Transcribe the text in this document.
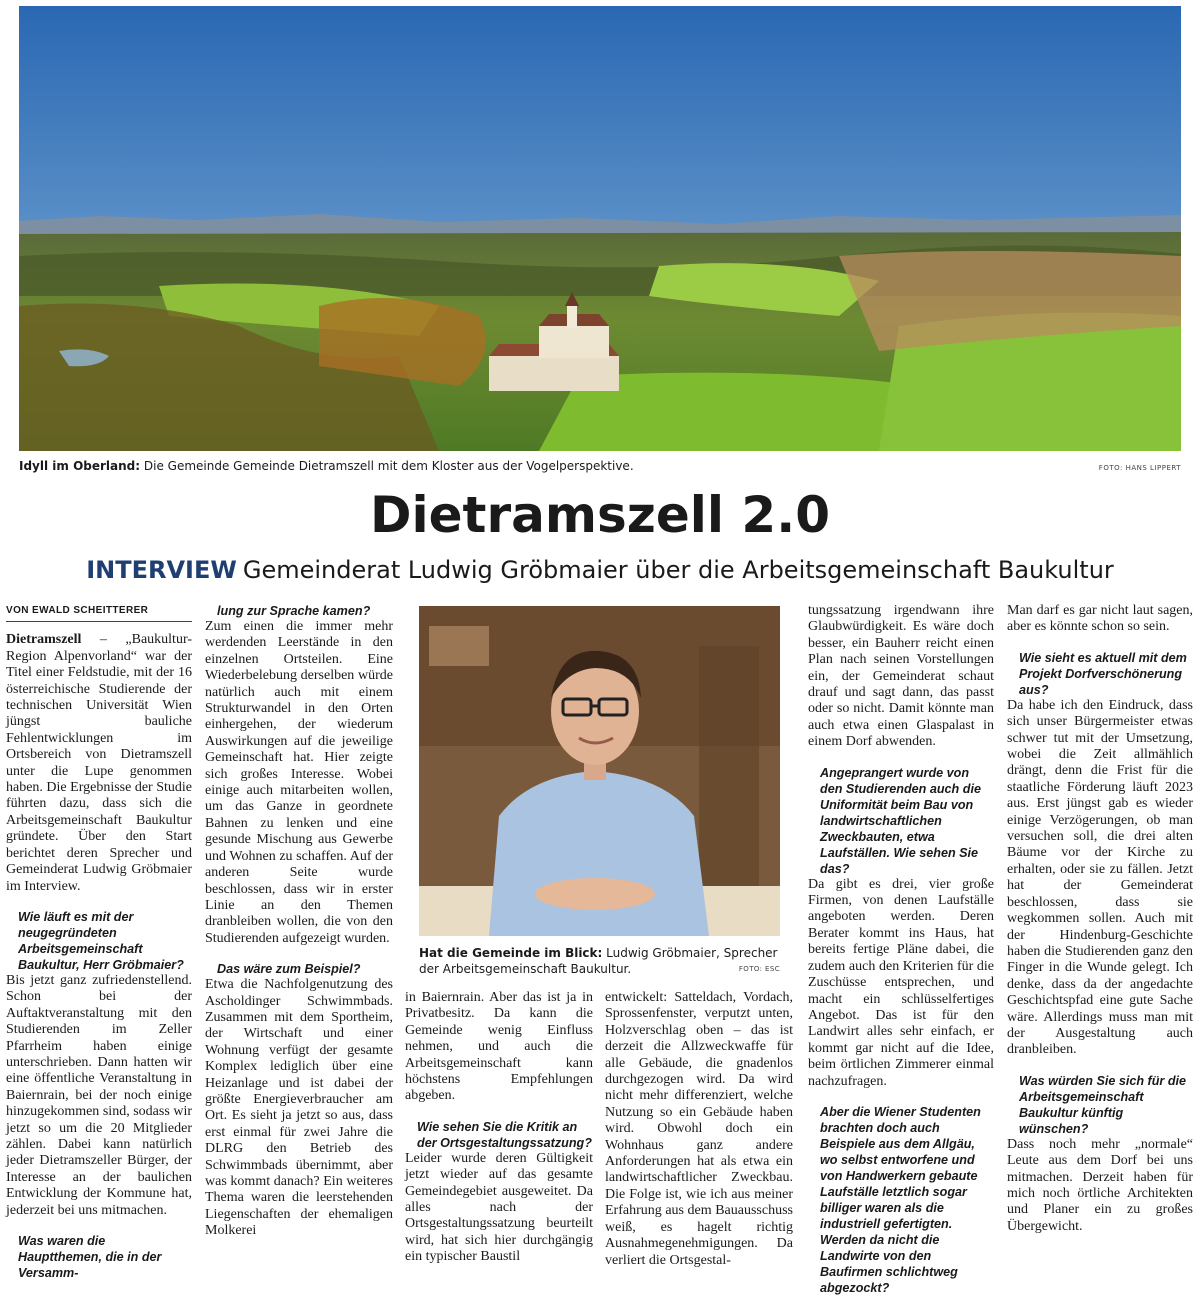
Idyll im Oberland: Die Gemeinde Gemeinde Dietramszell mit dem Kloster aus der Vogelperspektive.	FOTO: HANS LIPPERT
Dietramszell 2.0
INTERVIEW Gemeinderat Ludwig Gröbmaier über die Arbeitsgemeinschaft Baukultur
VON EWALD SCHEITTERER

Dietramszell – „Baukultur-Region Alpenvorland“ war der Titel einer Feldstudie, mit der 16 österreichische Studierende der technischen Universität Wien jüngst bauliche Fehlentwicklungen im Ortsbereich von Dietramszell unter die Lupe genommen haben. Die Ergebnisse der Studie führten dazu, dass sich die Arbeitsgemeinschaft Baukultur gründete. Über den Start berichtet deren Sprecher und Gemeinderat Ludwig Gröbmaier im Interview.

Wie läuft es mit der neugegründeten Arbeitsgemeinschaft Baukultur, Herr Gröbmaier?

Bis jetzt ganz zufriedenstellend. Schon bei der Auftaktveranstaltung mit den Studierenden im Zeller Pfarrheim haben einige unterschrieben. Dann hatten wir eine öffentliche Veranstaltung in Baiernrain, bei der noch einige hinzugekommen sind, sodass wir jetzt so um die 20 Mitglieder zählen. Dabei kann natürlich jeder Dietramszeller Bürger, der Interesse an der baulichen Entwicklung der Kommune hat, jederzeit bei uns mitmachen.

Was waren die Hauptthemen, die in der Versamm-

lung zur Sprache kamen?

Zum einen die immer mehr werdenden Leerstände in den einzelnen Ortsteilen. Eine Wiederbelebung derselben würde natürlich auch mit einem Strukturwandel in den Orten einhergehen, der wiederum Auswirkungen auf die jeweilige Gemeinschaft hat. Hier zeigte sich großes Interesse. Wobei einige auch mitarbeiten wollen, um das Ganze in geordnete Bahnen zu lenken und eine gesunde Mischung aus Gewerbe und Wohnen zu schaffen. Auf der anderen Seite wurde beschlossen, dass wir in erster Linie an den Themen dranbleiben wollen, die von den Studierenden aufgezeigt wurden.

Das wäre zum Beispiel?

Etwa die Nachfolgenutzung des Ascholdinger Schwimmbads. Zusammen mit dem Sportheim, der Wirtschaft und einer Wohnung verfügt der gesamte Komplex lediglich über eine Heizanlage und ist dabei der größte Energieverbraucher am Ort. Es sieht ja jetzt so aus, dass erst einmal für zwei Jahre die DLRG den Betrieb des Schwimmbads übernimmt, aber was kommt danach? Ein weiteres Thema waren die leerstehenden Liegenschaften der ehemaligen Molkerei

Hat die Gemeinde im Blick: Ludwig Gröbmaier, Sprecher der Arbeitsgemeinschaft Baukultur.	FOTO: ESC

in Baiernrain. Aber das ist ja in Privatbesitz. Da kann die Gemeinde wenig Einfluss nehmen, und auch die Arbeitsgemeinschaft kann höchstens Empfehlungen abgeben.

Wie sehen Sie die Kritik an der Ortsgestaltungssatzung?

Leider wurde deren Gültigkeit jetzt wieder auf das gesamte Gemeindegebiet ausgeweitet. Da alles nach der Ortsgestaltungssatzung beurteilt wird, hat sich hier durchgängig ein typischer Baustil

entwickelt: Satteldach, Vordach, Sprossenfenster, verputzt unten, Holzverschlag oben – das ist derzeit die Allzweckwaffe für alle Gebäude, die gnadenlos durchgezogen wird. Da wird nicht mehr differenziert, welche Nutzung so ein Gebäude haben wird. Obwohl doch ein Wohnhaus ganz andere Anforderungen hat als etwa ein landwirtschaftlicher Zweckbau. Die Folge ist, wie ich aus meiner Erfahrung aus dem Bauausschuss weiß, es hagelt richtig Ausnahmegenehmigungen. Da verliert die Ortsgestal-

tungssatzung irgendwann ihre Glaubwürdigkeit. Es wäre doch besser, ein Bauherr reicht einen Plan nach seinen Vorstellungen ein, der Gemeinderat schaut drauf und sagt dann, das passt oder so nicht. Damit könnte man auch etwa einen Glaspalast in einem Dorf abwenden.

Angeprangert wurde von den Studierenden auch die Uniformität beim Bau von landwirtschaftlichen Zweckbauten, etwa Laufställen. Wie sehen Sie das?

Da gibt es drei, vier große Firmen, von denen Laufställe angeboten werden. Deren Berater kommt ins Haus, hat bereits fertige Pläne dabei, die zudem auch den Kriterien für die Zuschüsse entsprechen, und macht ein schlüsselfertiges Angebot. Das ist für den Landwirt alles sehr einfach, er kommt gar nicht auf die Idee, beim örtlichen Zimmerer einmal nachzufragen.

Aber die Wiener Studenten brachten doch auch Beispiele aus dem Allgäu, wo selbst entworfene und von Handwerkern gebaute Laufställe letztlich sogar billiger waren als die industriell gefertigten. Werden da nicht die Landwirte von den Baufirmen schlichtweg abgezockt?

Man darf es gar nicht laut sagen, aber es könnte schon so sein.

Wie sieht es aktuell mit dem Projekt Dorfverschönerung aus?

Da habe ich den Eindruck, dass sich unser Bürgermeister etwas schwer tut mit der Umsetzung, wobei die Zeit allmählich drängt, denn die Frist für die staatliche Förderung läuft 2023 aus. Erst jüngst gab es wieder einige Verzögerungen, ob man versuchen soll, die drei alten Bäume vor der Kirche zu erhalten, oder sie zu fällen. Jetzt hat der Gemeinderat beschlossen, dass sie wegkommen sollen. Auch mit der Hindenburg-Geschichte haben die Studierenden ganz den Finger in die Wunde gelegt. Ich denke, dass da der angedachte Geschichtspfad eine gute Sache wäre. Allerdings muss man mit der Ausgestaltung auch dranbleiben.

Was würden Sie sich für die Arbeitsgemeinschaft Baukultur künftig wünschen?

Dass noch mehr „normale“ Leute aus dem Dorf bei uns mitmachen. Derzeit haben für mich noch örtliche Architekten und Planer ein zu großes Übergewicht.
